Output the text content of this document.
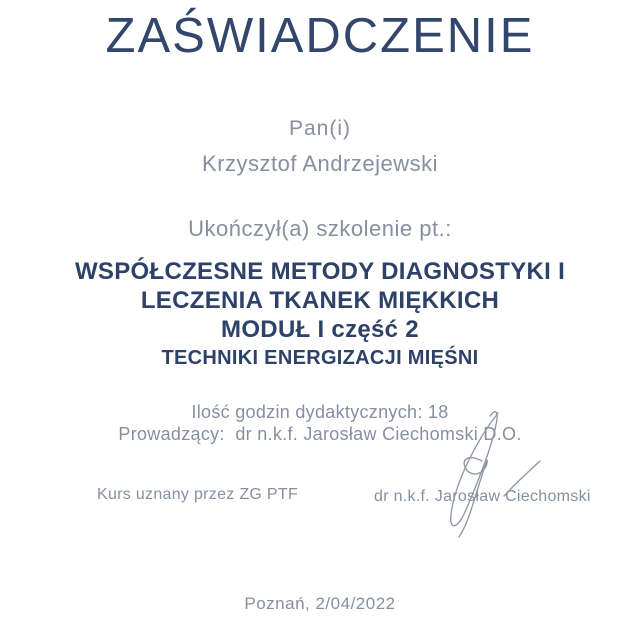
ZAŚWIADCZENIE
Pan(i)
Krzysztof Andrzejewski
Ukończył(a) szkolenie pt.:
WSPÓŁCZESNE METODY DIAGNOSTYKI I
LECZENIA TKANEK MIĘKKICH
MODUŁ I część 2
TECHNIKI ENERGIZACJI MIĘŚNI
Ilość godzin dydaktycznych: 18
Prowadzący:  dr n.k.f. Jarosław Ciechomski D.O.
Kurs uznany przez ZG PTF	dr n.k.f. Jarosław Ciechomski
Poznań, 2/04/2022
